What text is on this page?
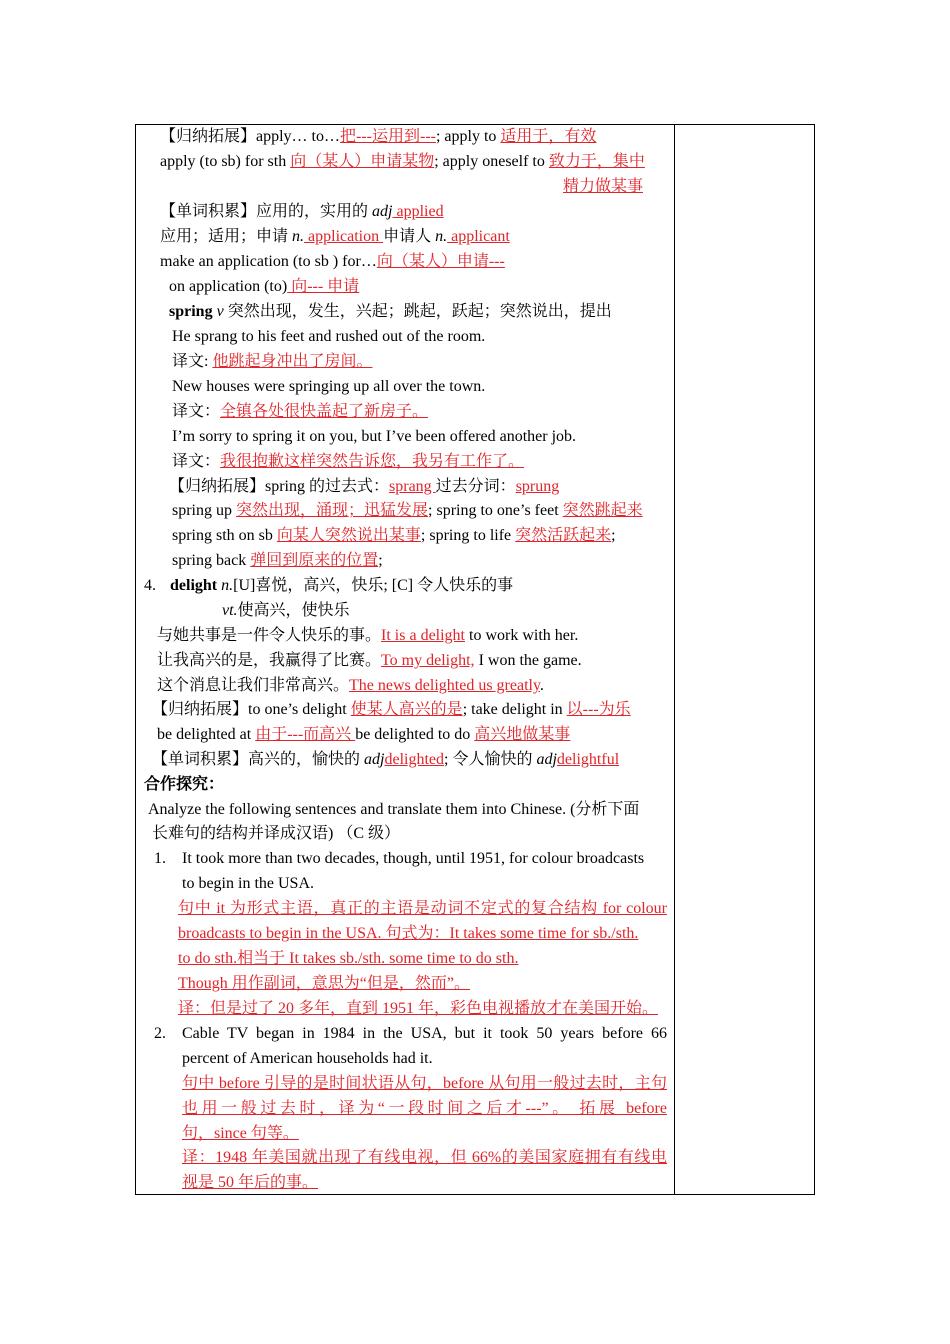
【归纳拓展】apply… to…把---运用到---; apply to 适用于，有效
apply (to sb) for sth 向（某人）申请某物; apply oneself to 致力于，集中
精力做某事
【单词积累】应用的，实用的 adj applied
应用；适用；申请 n. application 申请人 n. applicant
make an application (to sb ) for…向（某人）申请---
on application (to) 向--- 申请
spring v 突然出现，发生，兴起；跳起，跃起；突然说出，提出
He sprang to his feet and rushed out of the room.
译文: 他跳起身冲出了房间。
New houses were springing up all over the town.
译文：全镇各处很快盖起了新房子。
I’m sorry to spring it on you, but I’ve been offered another job.
译文：我很抱歉这样突然告诉您，我另有工作了。
【归纳拓展】spring 的过去式：sprang 过去分词：sprung
spring up 突然出现，涌现；迅猛发展; spring to one’s feet 突然跳起来
spring sth on sb 向某人突然说出某事; spring to life 突然活跃起来;
spring back 弹回到原来的位置;
4. delight n.[U]喜悦，高兴，快乐; [C] 令人快乐的事
vt.使高兴，使快乐
与她共事是一件令人快乐的事。It is a delight to work with her.
让我高兴的是，我赢得了比赛。To my delight, I won the game.
这个消息让我们非常高兴。The news delighted us greatly.
【归纳拓展】to one’s delight 使某人高兴的是; take delight in 以---为乐
be delighted at 由于---而高兴 be delighted to do 高兴地做某事
【单词积累】高兴的，愉快的 adjdelighted; 令人愉快的 adjdelightful
合作探究：
Analyze the following sentences and translate them into Chinese. (分析下面
长难句的结构并译成汉语) （C 级）
1. It took more than two decades, though, until 1951, for colour broadcasts
to begin in the USA.
句中 it 为形式主语，真正的主语是动词不定式的复合结构 for colour
broadcasts to begin in the USA. 句式为：It takes some time for sb./sth.
to do sth.相当于 It takes sb./sth. some time to do sth.
Though 用作副词，意思为“但是，然而”。
译：但是过了 20 多年，直到 1951 年，彩色电视播放才在美国开始。
2. Cable TV began in 1984 in the USA, but it took 50 years before 66
percent of American households had it.
句中 before 引导的是时间状语从句，before 从句用一般过去时，主句
也用一般过去时，译为“一段时间之后才---”。 拓展 before
句，since 句等。
译：1948 年美国就出现了有线电视，但 66%的美国家庭拥有有线电
视是 50 年后的事。
